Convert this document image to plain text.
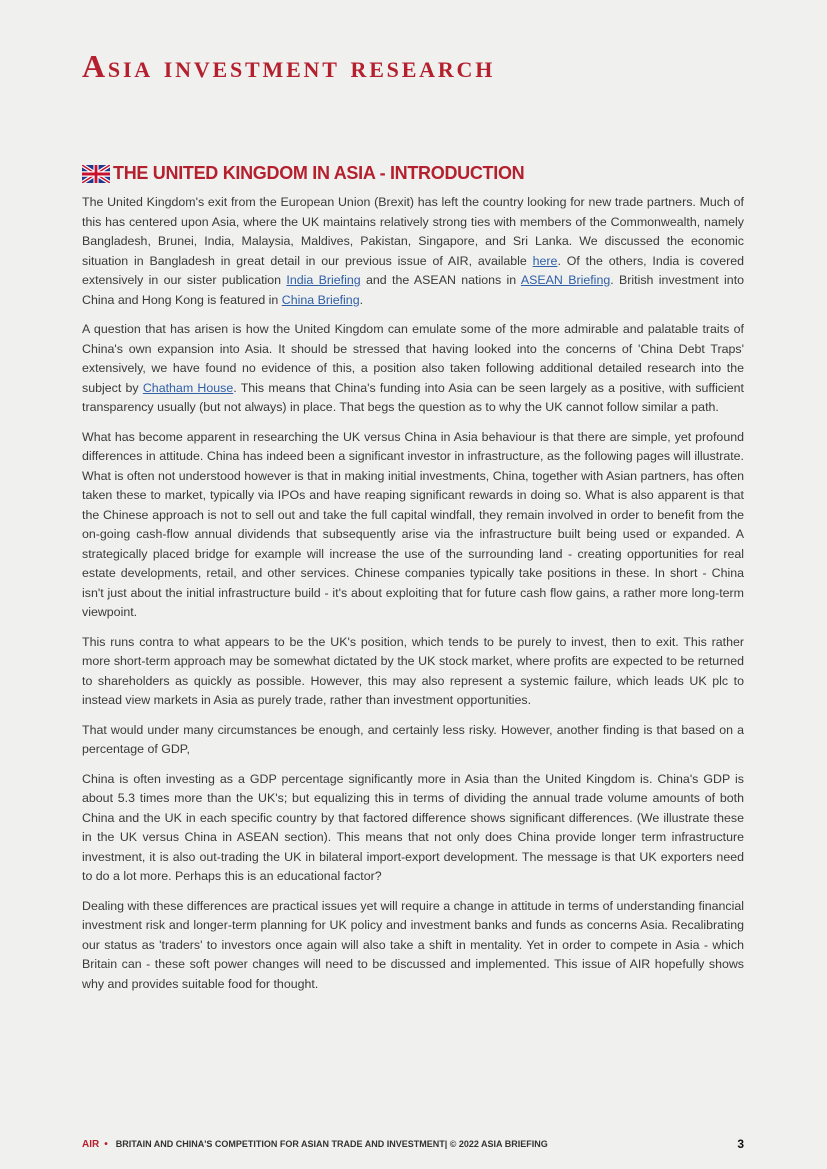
Asia investment research
THE UNITED KINGDOM IN ASIA - INTRODUCTION

The United Kingdom's exit from the European Union (Brexit) has left the country looking for new trade partners. Much of this has centered upon Asia, where the UK maintains relatively strong ties with members of the Commonwealth, namely Bangladesh, Brunei, India, Malaysia, Maldives, Pakistan, Singapore, and Sri Lanka. We discussed the economic situation in Bangladesh in great detail in our previous issue of AIR, available here. Of the others, India is covered extensively in our sister publication India Briefing and the ASEAN nations in ASEAN Briefing. British investment into China and Hong Kong is featured in China Briefing.

A question that has arisen is how the United Kingdom can emulate some of the more admirable and palatable traits of China's own expansion into Asia. It should be stressed that having looked into the concerns of 'China Debt Traps' extensively, we have found no evidence of this, a position also taken following additional detailed research into the subject by Chatham House. This means that China's funding into Asia can be seen largely as a positive, with sufficient transparency usually (but not always) in place. That begs the question as to why the UK cannot follow similar a path.

What has become apparent in researching the UK versus China in Asia behaviour is that there are simple, yet profound differences in attitude. China has indeed been a significant investor in infrastructure, as the following pages will illustrate. What is often not understood however is that in making initial investments, China, together with Asian partners, has often taken these to market, typically via IPOs and have reaping significant rewards in doing so. What is also apparent is that the Chinese approach is not to sell out and take the full capital windfall, they remain involved in order to benefit from the on-going cash-flow annual dividends that subsequently arise via the infrastructure built being used or expanded. A strategically placed bridge for example will increase the use of the surrounding land - creating opportunities for real estate developments, retail, and other services. Chinese companies typically take positions in these. In short - China isn't just about the initial infrastructure build - it's about exploiting that for future cash flow gains, a rather more long-term viewpoint.

This runs contra to what appears to be the UK's position, which tends to be purely to invest, then to exit. This rather more short-term approach may be somewhat dictated by the UK stock market, where profits are expected to be returned to shareholders as quickly as possible. However, this may also represent a systemic failure, which leads UK plc to instead view markets in Asia as purely trade, rather than investment opportunities.

That would under many circumstances be enough, and certainly less risky. However, another finding is that based on a percentage of GDP,

China is often investing as a GDP percentage significantly more in Asia than the United Kingdom is. China's GDP is about 5.3 times more than the UK's; but equalizing this in terms of dividing the annual trade volume amounts of both China and the UK in each specific country by that factored difference shows significant differences. (We illustrate these in the UK versus China in ASEAN section). This means that not only does China provide longer term infrastructure investment, it is also out-trading the UK in bilateral import-export development. The message is that UK exporters need to do a lot more. Perhaps this is an educational factor?

Dealing with these differences are practical issues yet will require a change in attitude in terms of understanding financial investment risk and longer-term planning for UK policy and investment banks and funds as concerns Asia. Recalibrating our status as 'traders' to investors once again will also take a shift in mentality. Yet in order to compete in Asia - which Britain can - these soft power changes will need to be discussed and implemented. This issue of AIR hopefully shows why and provides suitable food for thought.

AIR • BRITAIN AND CHINA'S COMPETITION FOR ASIAN TRADE AND INVESTMENT| © 2022 ASIA BRIEFING	3
